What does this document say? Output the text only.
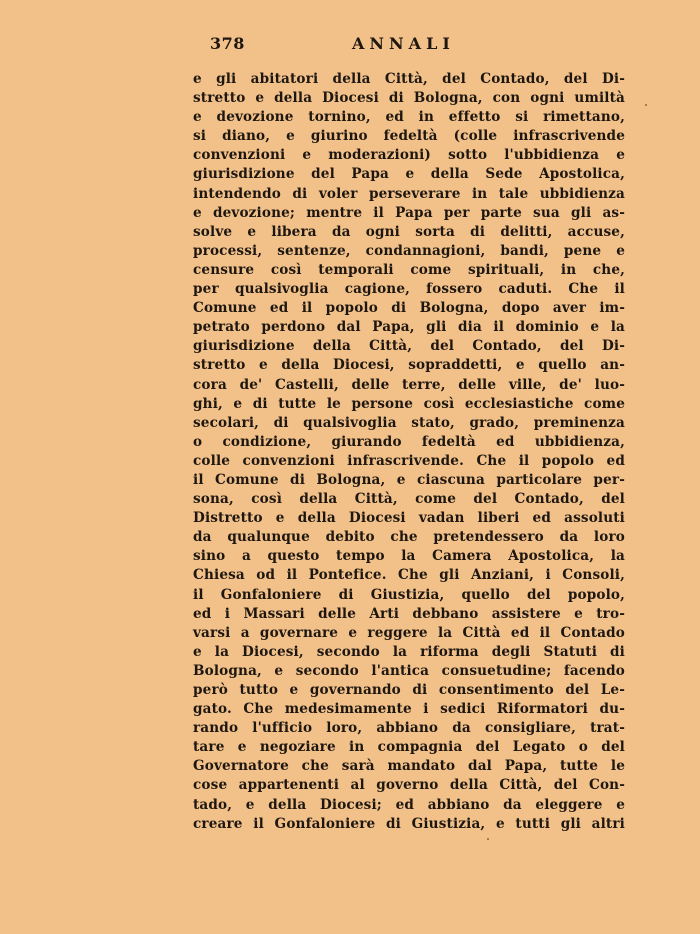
378	ANNALI
e gli abitatori della Città, del Contado, del Di-
stretto e della Diocesi di Bologna, con ogni umiltà
e devozione tornino, ed in effetto si rimettano,
si diano, e giurino fedeltà (colle infrascrivende
convenzioni e moderazioni) sotto l'ubbidienza e
giurisdizione del Papa e della Sede Apostolica,
intendendo di voler perseverare in tale ubbidienza
e devozione; mentre il Papa per parte sua gli as-
solve e libera da ogni sorta di delitti, accuse,
processi, sentenze, condannagioni, bandi, pene e
censure così temporali come spirituali, in che,
per qualsivoglia cagione, fossero caduti. Che il
Comune ed il popolo di Bologna, dopo aver im-
petrato perdono dal Papa, gli dia il dominio e la
giurisdizione della Città, del Contado, del Di-
stretto e della Diocesi, sopraddetti, e quello an-
cora de' Castelli, delle terre, delle ville, de' luo-
ghi, e di tutte le persone così ecclesiastiche come
secolari, di qualsivoglia stato, grado, preminenza
o condizione, giurando fedeltà ed ubbidienza,
colle convenzioni infrascrivende. Che il popolo ed
il Comune di Bologna, e ciascuna particolare per-
sona, così della Città, come del Contado, del
Distretto e della Diocesi vadan liberi ed assoluti
da qualunque debito che pretendessero da loro
sino a questo tempo la Camera Apostolica, la
Chiesa od il Pontefice. Che gli Anziani, i Consoli,
il Gonfaloniere di Giustizia, quello del popolo,
ed i Massari delle Arti debbano assistere e tro-
varsi a governare e reggere la Città ed il Contado
e la Diocesi, secondo la riforma degli Statuti di
Bologna, e secondo l'antica consuetudine; facendo
però tutto e governando di consentimento del Le-
gato. Che medesimamente i sedici Riformatori du-
rando l'ufficio loro, abbiano da consigliare, trat-
tare e negoziare in compagnia del Legato o del
Governatore che sarà mandato dal Papa, tutte le
cose appartenenti al governo della Città, del Con-
tado, e della Diocesi; ed abbiano da eleggere e
creare il Gonfaloniere di Giustizia, e tutti gli altri
